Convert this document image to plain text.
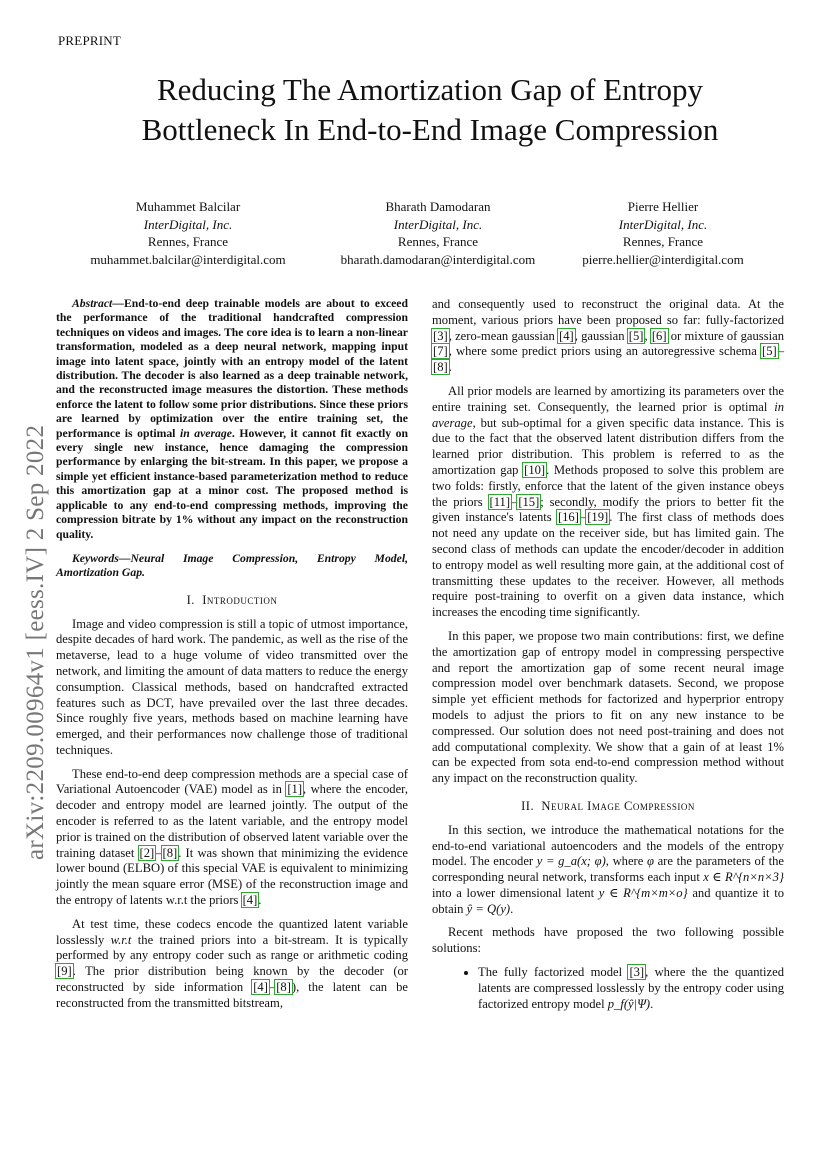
PREPRINT
Reducing The Amortization Gap of Entropy
Bottleneck In End-to-End Image Compression
Muhammet Balcilar
InterDigital, Inc.
Rennes, France
muhammet.balcilar@interdigital.com
Bharath Damodaran
InterDigital, Inc.
Rennes, France
bharath.damodaran@interdigital.com
Pierre Hellier
InterDigital, Inc.
Rennes, France
pierre.hellier@interdigital.com
arXiv:2209.00964v1 [eess.IV] 2 Sep 2022

Abstract—End-to-end deep trainable models are about to exceed the performance of the traditional handcrafted compression techniques on videos and images. The core idea is to learn a non-linear transformation, modeled as a deep neural network, mapping input image into latent space, jointly with an entropy model of the latent distribution. The decoder is also learned as a deep trainable network, and the reconstructed image measures the distortion. These methods enforce the latent to follow some prior distributions. Since these priors are learned by optimization over the entire training set, the performance is optimal in average. However, it cannot fit exactly on every single new instance, hence damaging the compression performance by enlarging the bit-stream. In this paper, we propose a simple yet efficient instance-based parameterization method to reduce this amortization gap at a minor cost. The proposed method is applicable to any end-to-end compressing methods, improving the compression bitrate by 1% without any impact on the reconstruction quality.

Keywords—Neural Image Compression, Entropy Model, Amortization Gap.

I. Introduction

Image and video compression is still a topic of utmost importance, despite decades of hard work. The pandemic, as well as the rise of the metaverse, lead to a huge volume of video transmitted over the network, and limiting the amount of data matters to reduce the energy consumption. Classical methods, based on handcrafted extracted features such as DCT, have prevailed over the last three decades. Since roughly five years, methods based on machine learning have emerged, and their performances now challenge those of traditional techniques.

These end-to-end deep compression methods are a special case of Variational Autoencoder (VAE) model as in [1], where the encoder, decoder and entropy model are learned jointly. The output of the encoder is referred to as the latent variable, and the entropy model prior is trained on the distribution of observed latent variable over the training dataset [2]–[8]. It was shown that minimizing the evidence lower bound (ELBO) of this special VAE is equivalent to minimizing jointly the mean square error (MSE) of the reconstruction image and the entropy of latents w.r.t the priors [4].

At test time, these codecs encode the quantized latent variable losslessly w.r.t the trained priors into a bit-stream. It is typically performed by any entropy coder such as range or arithmetic coding [9]. The prior distribution being known by the decoder (or reconstructed by side information [4]–[8]), the latent can be reconstructed from the transmitted bitstream,

and consequently used to reconstruct the original data. At the moment, various priors have been proposed so far: fully-factorized [3], zero-mean gaussian [4], gaussian [5], [6] or mixture of gaussian [7], where some predict priors using an autoregressive schema [5]–[8].

All prior models are learned by amortizing its parameters over the entire training set. Consequently, the learned prior is optimal in average, but sub-optimal for a given specific data instance. This is due to the fact that the observed latent distribution differs from the learned prior distribution. This problem is referred to as the amortization gap [10]. Methods proposed to solve this problem are two folds: firstly, enforce that the latent of the given instance obeys the priors [11]–[15]; secondly, modify the priors to better fit the given instance's latents [16]–[19]. The first class of methods does not need any update on the receiver side, but has limited gain. The second class of methods can update the encoder/decoder in addition to entropy model as well resulting more gain, at the additional cost of transmitting these updates to the receiver. However, all methods require post-training to overfit on a given data instance, which increases the encoding time significantly.

In this paper, we propose two main contributions: first, we define the amortization gap of entropy model in compressing perspective and report the amortization gap of some recent neural image compression model over benchmark datasets. Second, we propose simple yet efficient methods for factorized and hyperprior entropy models to adjust the priors to fit on any new instance to be compressed. Our solution does not need post-training and does not add computational complexity. We show that a gain of at least 1% can be expected from sota end-to-end compression method without any impact on the reconstruction quality.

II. Neural Image Compression

In this section, we introduce the mathematical notations for the end-to-end variational autoencoders and the models of the entropy model. The encoder y = g_a(x; φ), where φ are the parameters of the corresponding neural network, transforms each input x ∈ R^{n×n×3} into a lower dimensional latent y ∈ R^{m×m×o} and quantize it to obtain ŷ = Q(y).

Recent methods have proposed the two following possible solutions:

• The fully factorized model [3], where the the quantized latents are compressed losslessly by the entropy coder using factorized entropy model p_f(ŷ|Ψ).
